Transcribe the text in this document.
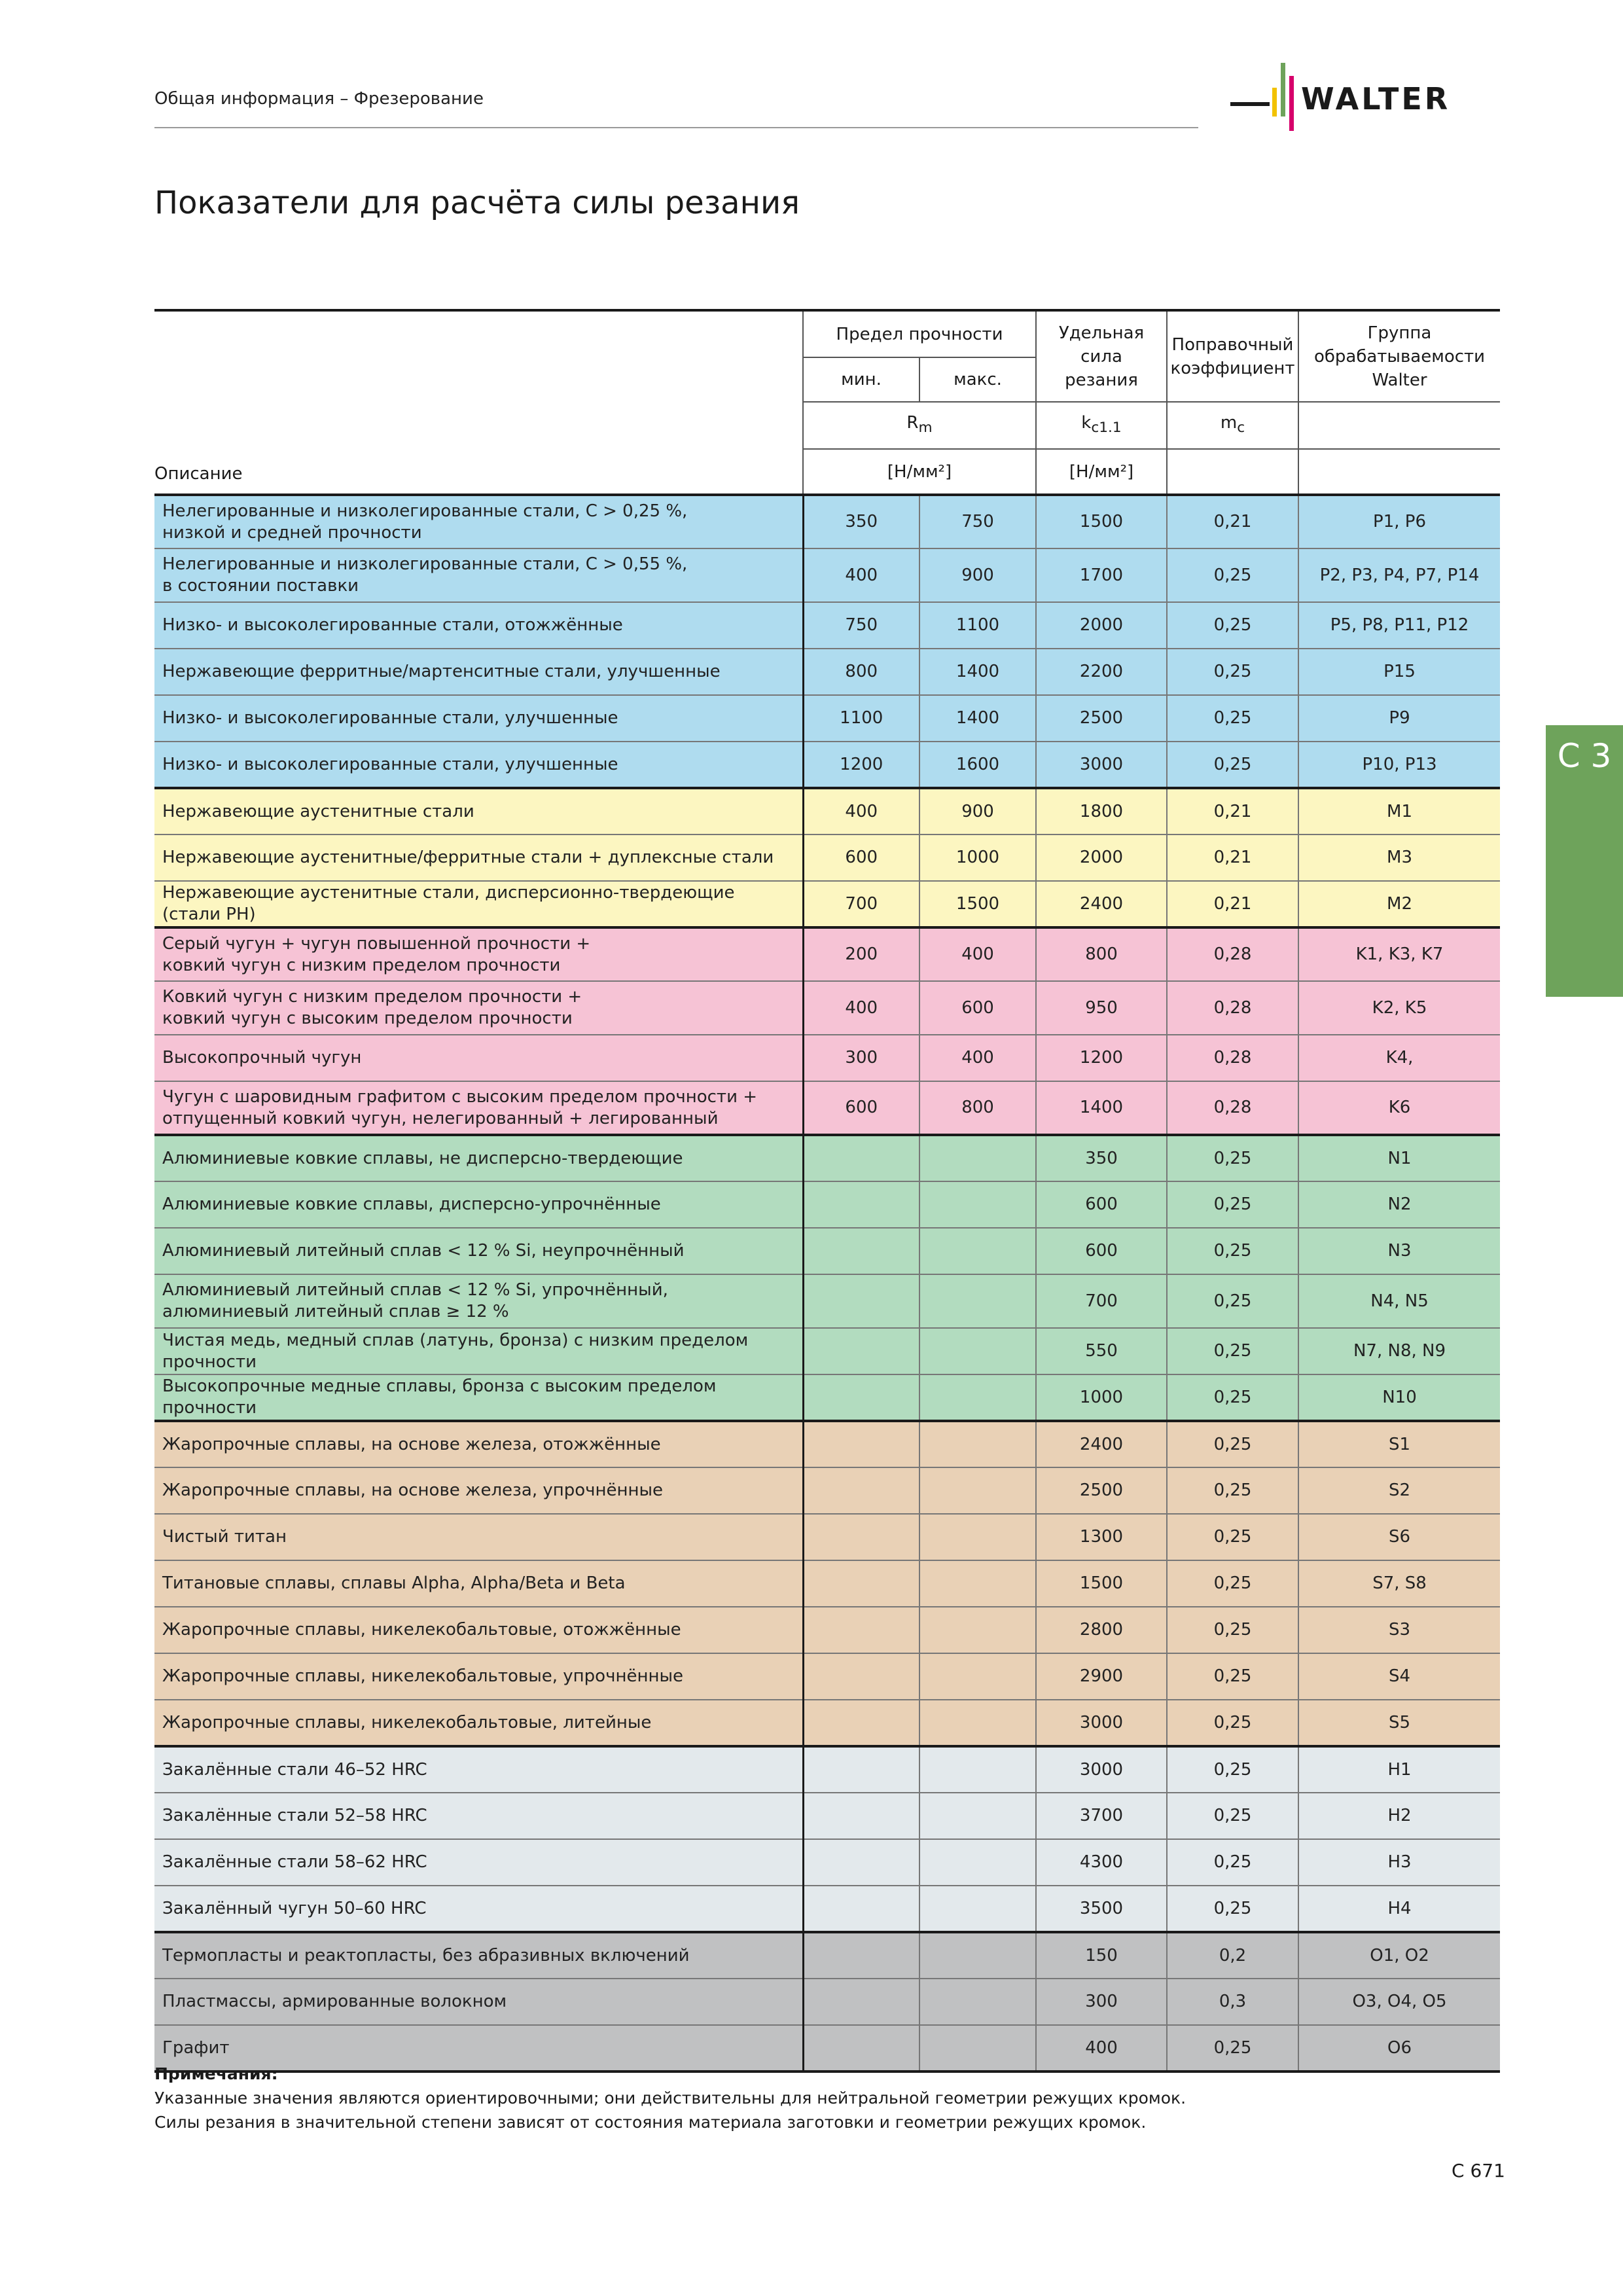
Общая информация – Фрезерование	WALTER
Показатели для расчёта силы резания
C 3
Описание	Предел прочности		Удельная сила резания	Поправочный коэффициент	Группа обрабатываемости Walter
	мин.	макс.			
	$R_m$		$k_{c1.1}$	$m_c$	
	[Н/мм²]		[Н/мм²]		

Нелегированные и низколегированные стали, C > 0,25 %,
низкой и средней прочности	350	750	1500	0,21	P1, P6

Нелегированные и низколегированные стали, C > 0,55 %,
в состоянии поставки	400	900	1700	0,25	P2, P3, P4, P7, P14

Низко- и высоколегированные стали, отожжённые	750	1100	2000	0,25	P5, P8, P11, P12

Нержавеющие ферритные/мартенситные стали, улучшенные	800	1400	2200	0,25	P15

Низко- и высоколегированные стали, улучшенные	1100	1400	2500	0,25	P9

Низко- и высоколегированные стали, улучшенные	1200	1600	3000	0,25	P10, P13

Нержавеющие аустенитные стали	400	900	1800	0,21	M1

Нержавеющие аустенитные/ферритные стали + дуплексные стали	600	1000	2000	0,21	M3

Нержавеющие аустенитные стали, дисперсионно-твердеющие (стали PH)	700	1500	2400	0,21	M2

Серый чугун + чугун повышенной прочности +
ковкий чугун с низким пределом прочности	200	400	800	0,28	K1, K3, K7

Ковкий чугун с низким пределом прочности +
ковкий чугун с высоким пределом прочности	400	600	950	0,28	K2, K5

Высокопрочный чугун	300	400	1200	0,28	K4,

Чугун с шаровидным графитом с высоким пределом прочности +
отпущенный ковкий чугун, нелегированный + легированный	600	800	1400	0,28	K6

Алюминиевые ковкие сплавы, не дисперсно-твердеющие			350	0,25	N1

Алюминиевые ковкие сплавы, дисперсно-упрочнённые			600	0,25	N2

Алюминиевый литейный сплав < 12 % Si, неупрочнённый			600	0,25	N3

Алюминиевый литейный сплав < 12 % Si, упрочнённый,
алюминиевый литейный сплав ≥ 12 %			700	0,25	N4, N5

Чистая медь, медный сплав (латунь, бронза) с низким пределом прочности			550	0,25	N7, N8, N9

Высокопрочные медные сплавы, бронза с высоким пределом прочности			1000	0,25	N10

Жаропрочные сплавы, на основе железа, отожжённые			2400	0,25	S1

Жаропрочные сплавы, на основе железа, упрочнённые			2500	0,25	S2

Чистый титан			1300	0,25	S6

Титановые сплавы, сплавы Alpha, Alpha/Beta и Beta			1500	0,25	S7, S8

Жаропрочные сплавы, никелекобальтовые, отожжённые			2800	0,25	S3

Жаропрочные сплавы, никелекобальтовые, упрочнённые			2900	0,25	S4

Жаропрочные сплавы, никелекобальтовые, литейные			3000	0,25	S5

Закалённые стали 46–52 HRC			3000	0,25	H1

Закалённые стали 52–58 HRC			3700	0,25	H2

Закалённые стали 58–62 HRC			4300	0,25	H3

Закалённый чугун 50–60 HRC			3500	0,25	H4

Термопласты и реактопласты, без абразивных включений			150	0,2	O1, O2

Пластмассы, армированные волокном			300	0,3	O3, O4, O5

Графит			400	0,25	O6
Примечания:
Указанные значения являются ориентировочными; они действительны для нейтральной геометрии режущих кромок.
Силы резания в значительной степени зависят от состояния материала заготовки и геометрии режущих кромок.
C 671
